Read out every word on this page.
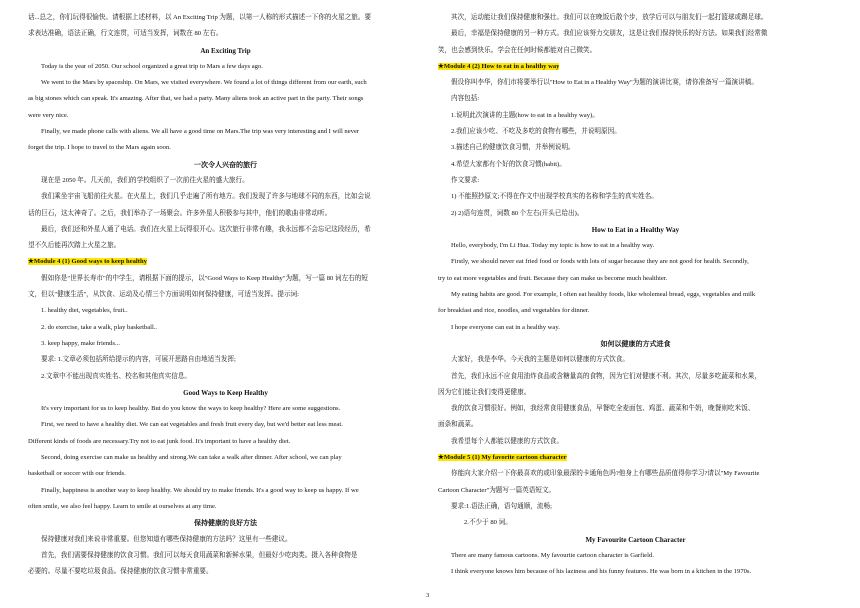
话...总之，你们玩得很愉快。请根据上述材料，以 An Exciting Trip 为题，以第一人称的形式描述一下你的火星之旅。要
求表达准确，语法正确，行文连贯，可适当发挥，词数在 80 左右。
An Exciting Trip
Today is the year of 2050. Our school organized a great trip to Mars a few days ago.
We went to the Mars by spaceship. On Mars, we visited everywhere. We found a lot of things different from our earth, such
as big stones which can speak. It's amazing. After that, we had a party. Many aliens took an active part in the party. Their songs
were very nice.
Finally, we made phone calls with aliens. We all have a good time on Mars.The trip was very interesting and I will never
forget the trip. I hope to travel to the Mars again soon.
一次令人兴奋的旅行
现在是 2050 年。几天前，我们的学校组织了一次前往火星的盛大旅行。
我们乘坐宇宙飞船前往火星。在火星上，我们几乎走遍了所有地方。我们发现了许多与地球不同的东西，比如会说
话的巨石，这太神奇了。之后，我们举办了一场聚会。许多外星人积极参与其中，他们的歌曲非常动听。
最后，我们还和外星人通了电话。我们在火星上玩得很开心。这次旅行非常有趣，我永远都不会忘记这段经历，希
望不久后能再次踏上火星之旅。
★Module 4 (1) Good ways to keep healthy
假如你是"世界长寿市"的中学生，请根据下面的提示，以"Good Ways to Keep Healthy"为题，写一篇 80 词左右的短
文，但以"健康生活"，从饮食、运动及心情三个方面说明如何保持健康，可适当发挥。提示词:
1. healthy diet, vegetables, fruit..
2. do exercise, take a walk, play basketball..
3. keep happy, make friends...
要求: 1.文章必须包括所给提示的内容，可展开思路自由地适当发挥;
2.文章中不能出现真实姓名、校名和其他真实信息。
Good Ways to Keep Healthy
It's very important for us to keep healthy. But do you know the ways to keep healthy? Here are some suggestions.
First, we need to have a healthy diet. We can eat vegetables and fresh fruit every day, but we'd better eat less meat.
Different kinds of foods are necessary.Try not to eat junk food. It's important to have a healthy diet.
Second, doing exercise can make us healthy and strong.We can take a walk after dinner. After school, we can play
basketball or soccer with our friends.
Finally, happiness is another way to keep healthy. We should try to make friends. It's a good way to keep us happy. If we
often smile, we also feel happy. Learn to smile at ourselves at any time.
保持健康的良好方法
保持健康对我们来说非常重要。但您知道有哪些保持健康的方法吗？这里有一些建议。
首先，我们需要保持健康的饮食习惯。我们可以每天食用蔬菜和新鲜水果，但最好少吃肉类。摄入各种食物是
必要的。尽量不要吃垃圾食品。保持健康的饮食习惯非常重要。
其次，运动能让我们保持健康和强壮。我们可以在晚饭后散个步，放学后可以与朋友们一起打篮球或踢足球。
最后，幸福是保持健康的另一种方式。我们应该努力交朋友，这是让我们保持快乐的好方法。如果我们经常微
笑，也会感到快乐。学会在任何时候都能对自己微笑。
★Module 4 (2) How to eat in a healthy way
假设你叫李华，你们市将要举行以"How to Eat in a Healthy Way"为题的演讲比赛，请你准备写一篇演讲稿。
内容包括:
1.说明此次演讲的主题(how to eat in a healthy way)。
2.我们应该少吃、不吃及多吃的食物有哪些，并说明原因。
3.描述自己的健康饮食习惯，并举例说明。
4.希望大家都有个好的饮食习惯(habit)。
作文要求:
1) 不能照抄原文;不得在作文中出现学校真实的名称和学生的真实姓名。
2) 2)语句连贯，词数 80 个左右(开头已给出)。
How to Eat in a Healthy Way
Hello, everybody, I'm Li Hua. Today my topic is how to eat in a healthy way.
Firstly, we should never eat fried food or foods with lots of sugar because they are not good for health. Secondly,
try to eat more vegetables and fruit. Because they can make us become much healthier.
My eating habits are good. For example, I often eat healthy foods, like wholemeal bread, eggs, vegetables and milk
for breakfast and rice, noodles, and vegetables for dinner.
I hope everyone can eat in a healthy way.
如何以健康的方式进食
大家好，我是李华。今天我的主题是如何以健康的方式饮食。
首先，我们永远不应食用油炸食品或含糖量高的食物，因为它们对健康不利。其次，尽量多吃蔬菜和水果，
因为它们能让我们变得更健康。
我的饮食习惯很好。例如，我经常食用健康食品，早餐吃全麦面包、鸡蛋、蔬菜和牛奶，晚餐则吃米饭、
面条和蔬菜。
我希望每个人都能以健康的方式饮食。
★Module 5 (1) My favorite cartoon character
你能向大家介绍一下你最喜欢的或印象最深的卡通角色吗?他身上有哪些品质值得你学习?请以"My Favourite
Cartoon Character"为题写一篇英语短文。
要求:1.语法正确，语句通顺，流畅;
2.不少于 80 词。
My Favourite Cartoon Character
There are many famous cartoons. My favourite cartoon character is Garfield.
I think everyone knows him because of his laziness and his funny features. He was born in a kitchen in the 1970s.
3
